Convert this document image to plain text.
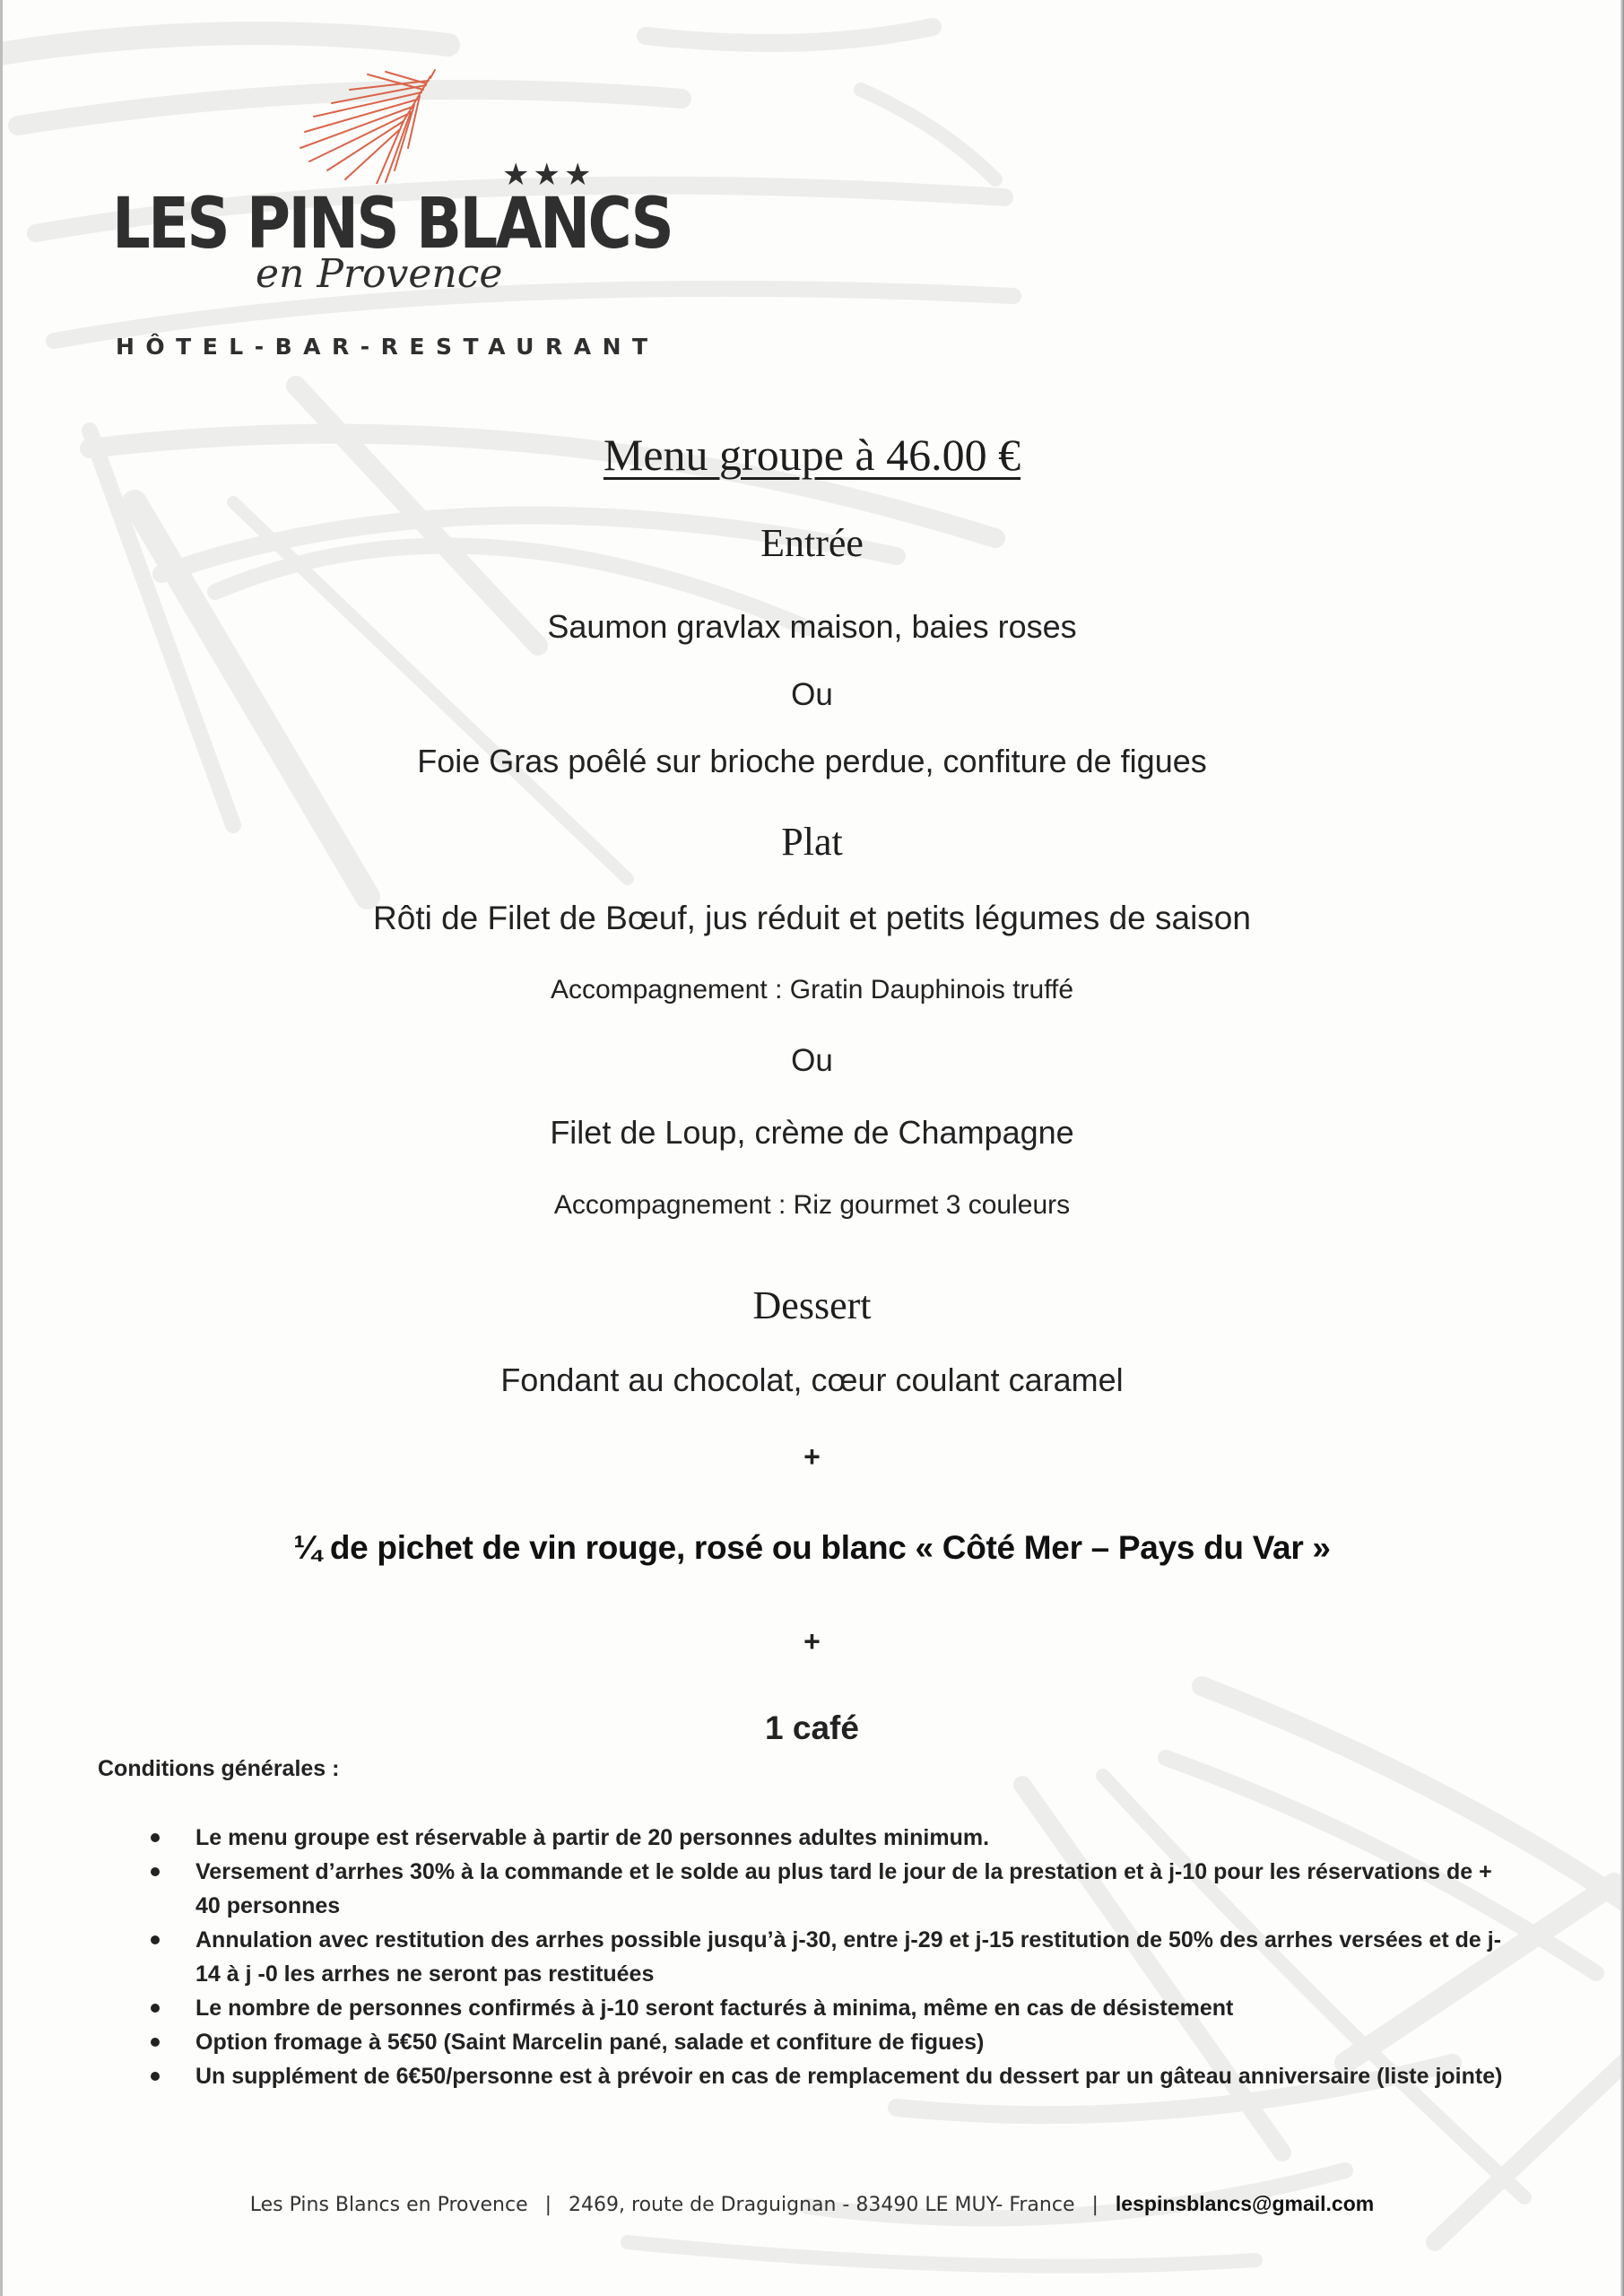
★★★
LES PINS BLANCS
en Provence
HÔTEL-BAR-RESTAURANT
Menu groupe à 46.00 €
Entrée
Saumon gravlax maison, baies roses
Ou
Foie Gras poêlé sur brioche perdue, confiture de figues
Plat
Rôti de Filet de Bœuf, jus réduit et petits légumes de saison
Accompagnement : Gratin Dauphinois truffé
Ou
Filet de Loup, crème de Champagne
Accompagnement : Riz gourmet 3 couleurs
Dessert
Fondant au chocolat, cœur coulant caramel
+
¼ de pichet de vin rouge, rosé ou blanc « Côté Mer – Pays du Var »
+
1 café
Conditions générales :
Le menu groupe est réservable à partir de 20 personnes adultes minimum.
Versement d’arrhes 30% à la commande et le solde au plus tard le jour de la prestation et à j-10 pour les réservations de + 40 personnes
Annulation avec restitution des arrhes possible jusqu’à j-30, entre j-29 et j-15 restitution de 50% des arrhes versées et de j-14 à j -0 les arrhes ne seront pas restituées
Le nombre de personnes confirmés à j-10 seront facturés à minima, même en cas de désistement
Option fromage à 5€50 (Saint Marcelin pané, salade et confiture de figues)
Un supplément de 6€50/personne est à prévoir en cas de remplacement du dessert par un gâteau anniversaire (liste jointe)
Les Pins Blancs en Provence | 2469, route de Draguignan - 83490 LE MUY- France | lespinsblancs@gmail.com
